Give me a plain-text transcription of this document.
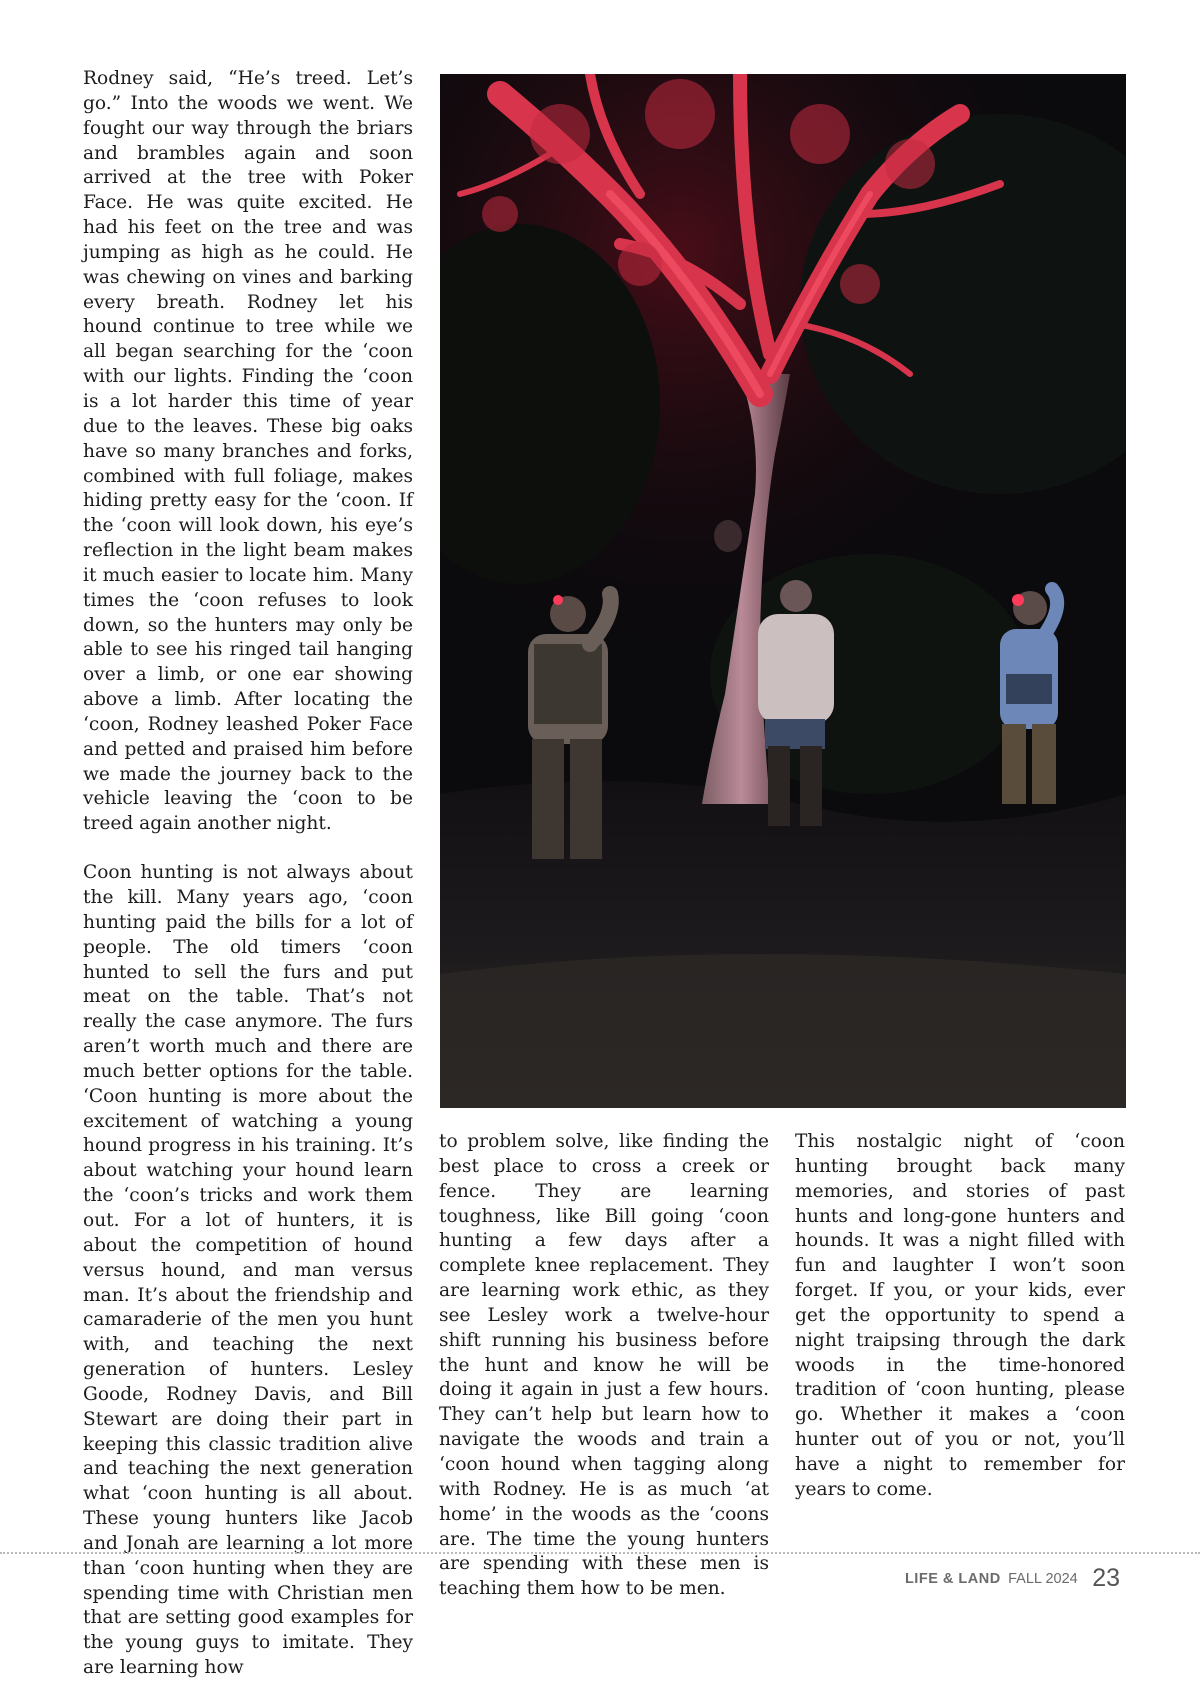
Rodney said, “He’s treed. Let’s go.” Into the woods we went. We fought our way through the briars and brambles again and soon arrived at the tree with Poker Face. He was quite excited. He had his feet on the tree and was jumping as high as he could. He was chewing on vines and barking every breath. Rodney let his hound continue to tree while we all began searching for the ‘coon with our lights. Finding the ‘coon is a lot harder this time of year due to the leaves. These big oaks have so many branches and forks, combined with full foliage, makes hiding pretty easy for the ‘coon. If the ‘coon will look down, his eye’s reflection in the light beam makes it much easier to locate him. Many times the ‘coon refuses to look down, so the hunters may only be able to see his ringed tail hanging over a limb, or one ear showing above a limb. After locating the ‘coon, Rodney leashed Poker Face and petted and praised him before we made the journey back to the vehicle leaving the ‘coon to be treed again another night.

Coon hunting is not always about the kill. Many years ago, ‘coon hunting paid the bills for a lot of people. The old timers ‘coon hunted to sell the furs and put meat on the table. That’s not really the case anymore. The furs aren’t worth much and there are much better options for the table. ‘Coon hunting is more about the excitement of watching a young hound progress in his training. It’s about watching your hound learn the ‘coon’s tricks and work them out. For a lot of hunters, it is about the competition of hound versus hound, and man versus man. It’s about the friendship and camaraderie of the men you hunt with, and teaching the next generation of hunters. Lesley Goode, Rodney Davis, and Bill Stewart are doing their part in keeping this classic tradition alive and teaching the next generation what ‘coon hunting is all about. These young hunters like Jacob and Jonah are learning a lot more than ‘coon hunting when they are spending time with Christian men that are setting good examples for the young guys to imitate. They are learning how

to problem solve, like finding the best place to cross a creek or fence. They are learning toughness, like Bill going ‘coon hunting a few days after a complete knee replacement. They are learning work ethic, as they see Lesley work a twelve-hour shift running his business before the hunt and know he will be doing it again in just a few hours. They can’t help but learn how to navigate the woods and train a ‘coon hound when tagging along with Rodney. He is as much ‘at home’ in the woods as the ‘coons are. The time the young hunters are spending with these men is teaching them how to be men.

This nostalgic night of ‘coon hunting brought back many memories, and stories of past hunts and long-gone hunters and hounds. It was a night filled with fun and laughter I won’t soon forget. If you, or your kids, ever get the opportunity to spend a night traipsing through the dark woods in the time-honored tradition of ‘coon hunting, please go. Whether it makes a ‘coon hunter out of you or not, you’ll have a night to remember for years to come.

LIFE & LAND FALL 2024 23
